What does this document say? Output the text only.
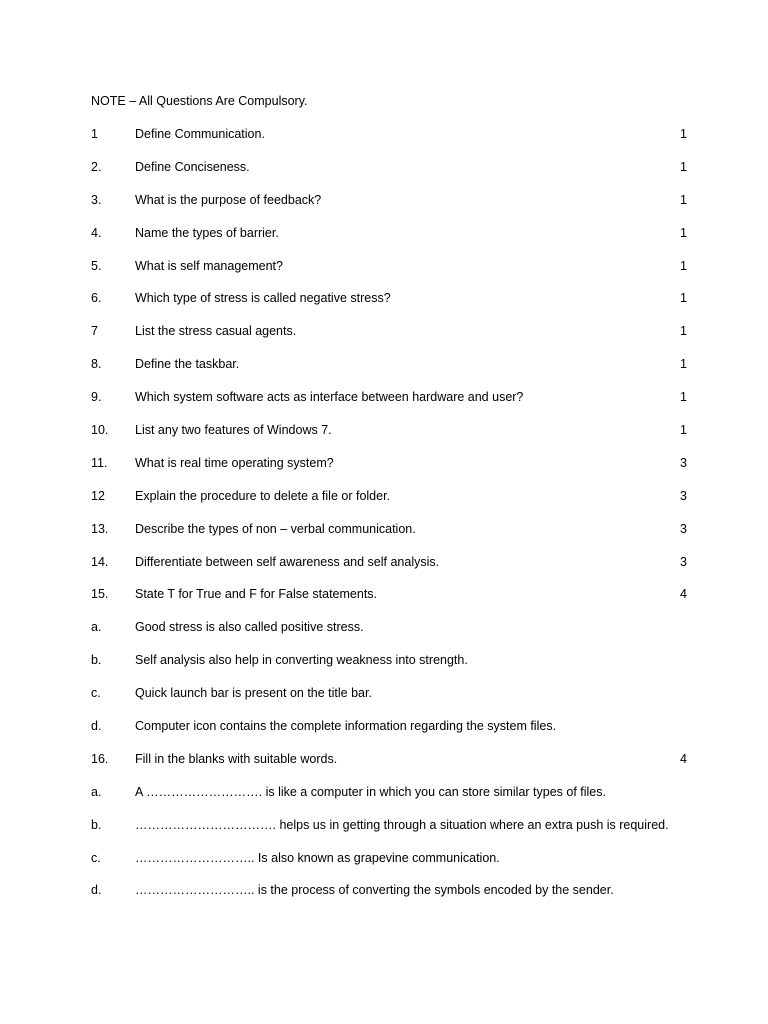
NOTE – All Questions Are Compulsory.
1	Define Communication.	1
2.	Define Conciseness.	1
3.	What is the purpose of feedback?	1
4.	Name the types of barrier.	1
5.	What is self management?	1
6.	Which type of stress is called negative stress?	1
7	List the stress casual agents.	1
8.	Define the taskbar.	1
9.	Which system software acts as interface between hardware and user?	1
10. List any two features of Windows 7.	1
11. What is real time operating system?	3
12 Explain the procedure to delete a file or folder.	3
13. Describe the types of non – verbal communication.	3
14. Differentiate between self awareness and self analysis.	3
15. State T for True and F for False statements.	4
a.	Good stress is also called positive stress.
b.	Self analysis also help in converting weakness into strength.
c.	Quick launch bar is present on the title bar.
d.	Computer icon contains the complete information regarding the system files.
16. Fill in the blanks with suitable words.	4
a.	A ………………………. is like a computer in which you can store similar types of files.
b.	……………………………. helps us in getting through a situation where an extra push is required.
c.	……………………….. Is also known as grapevine communication.
d.	……………………….. is the process of converting the symbols encoded by the sender.
